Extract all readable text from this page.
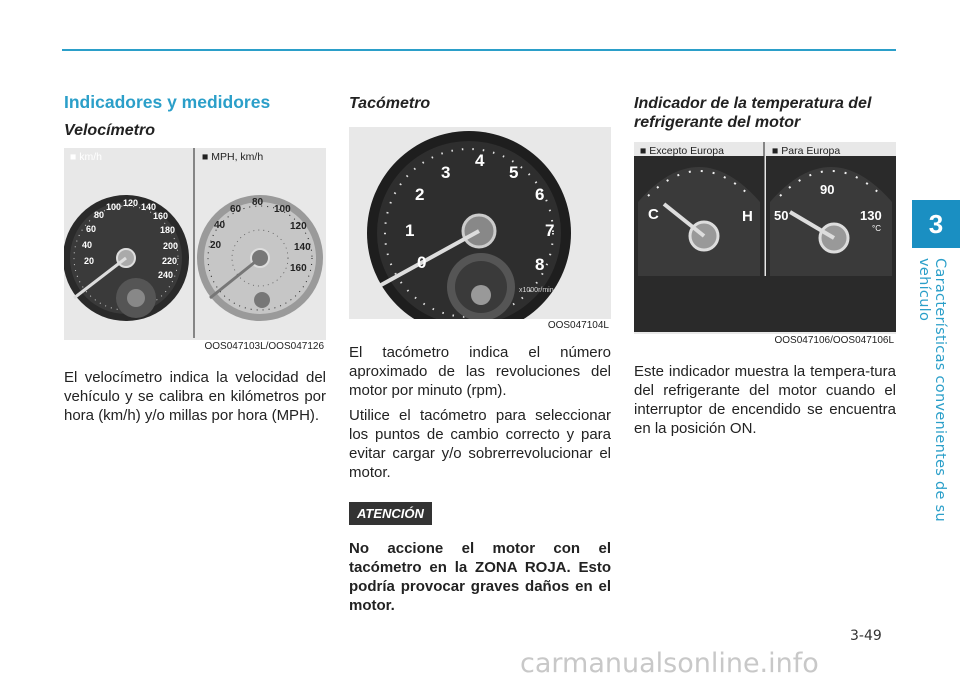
3
Características convenientes de su vehículo
Indicadores y medidores
Velocímetro
■ km/h	■ MPH, km/h
20
40
60
80
100 120 140
160
180
200
220
240
20
40
60
80
100
120
140
160
OOS047103L/OOS047126
El velocímetro indica la velocidad del vehículo y se calibra en kilómetros por hora (km/h) y/o millas por hora (MPH).
Tacómetro
0
1
2
3
4
5
6
7
8
x1000r/min
OOS047104L
El tacómetro indica el número aproximado de las revoluciones del motor por minuto (rpm).
Utilice el tacómetro para seleccionar los puntos de cambio correcto y para evitar cargar y/o sobrerrevolucionar el motor.
ATENCIÓN
No accione el motor con el tacómetro en la ZONA ROJA. Esto podría provocar graves daños en el motor.
Indicador de la temperatura del refrigerante del motor
■ Excepto Europa	■ Para Europa
C	H 50
90
130
°C
OOS047106/OOS047106L
Este indicador muestra la tempera-tura del refrigerante del motor cuando el interruptor de encendido se encuentra en la posición ON.
3-49
carmanualsonline.info
